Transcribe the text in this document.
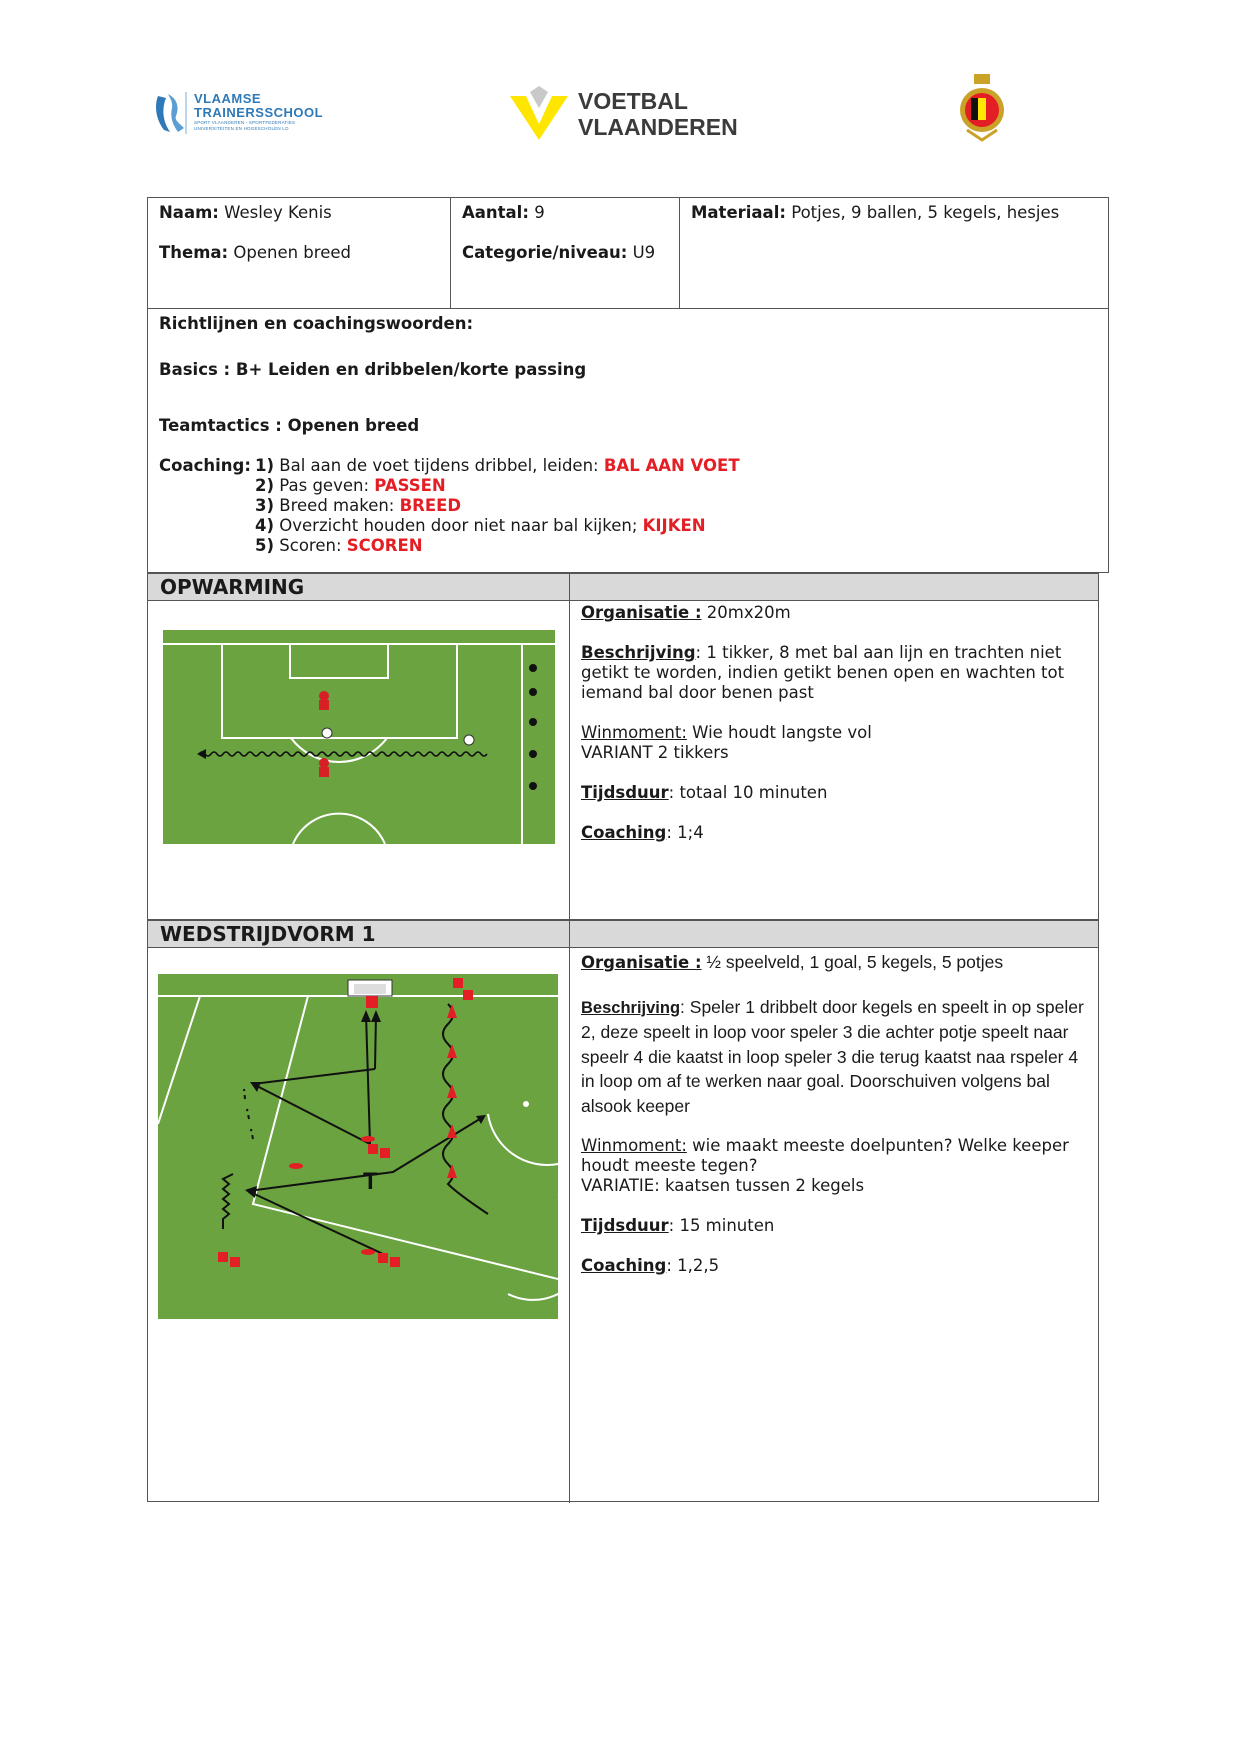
VLAAMSE
TRAINERSSCHOOL
SPORT VLAANDEREN - SPORTFEDERATIES
UNIVERSITEITEN EN HOGESCHOLEN LO
VOETBAL
VLAANDEREN
Naam: Wesley Kenis
Thema: Openen breed

Aantal: 9
Categorie/niveau: U9

Materiaal: Potjes, 9 ballen, 5 kegels, hesjes

Richtlijnen en coachingswoorden:
Basics : B+ Leiden en dribbelen/korte passing
Teamtactics : Openen breed
Coaching: 1) Bal aan de voet tijdens dribbel, leiden: BAL AAN VOET
2) Pas geven: PASSEN
3) Breed maken: BREED
4) Overzicht houden door niet naar bal kijken; KIJKEN
5) Scoren: SCOREN
OPWARMING

Organisatie : 20mx20m

Beschrijving: 1 tikker, 8 met bal aan lijn en trachten niet getikt te worden, indien getikt benen open en wachten tot iemand bal door benen past

Winmoment: Wie houdt langste vol
VARIANT 2 tikkers

Tijdsduur: totaal 10 minuten

Coaching: 1;4

WEDSTRIJDVORM 1
T

Organisatie : ½ speelveld, 1 goal, 5 kegels, 5 potjes

Beschrijving: Speler 1 dribbelt door kegels en speelt in op speler 2, deze speelt in loop voor speler 3 die achter potje speelt naar speelr 4 die kaatst in loop speler 3 die terug kaatst naa rspeler 4 in loop om af te werken naar goal. Doorschuiven volgens bal alsook keeper

Winmoment: wie maakt meeste doelpunten? Welke keeper houdt meeste tegen?
VARIATIE: kaatsen tussen 2 kegels

Tijdsduur: 15 minuten

Coaching: 1,2,5
